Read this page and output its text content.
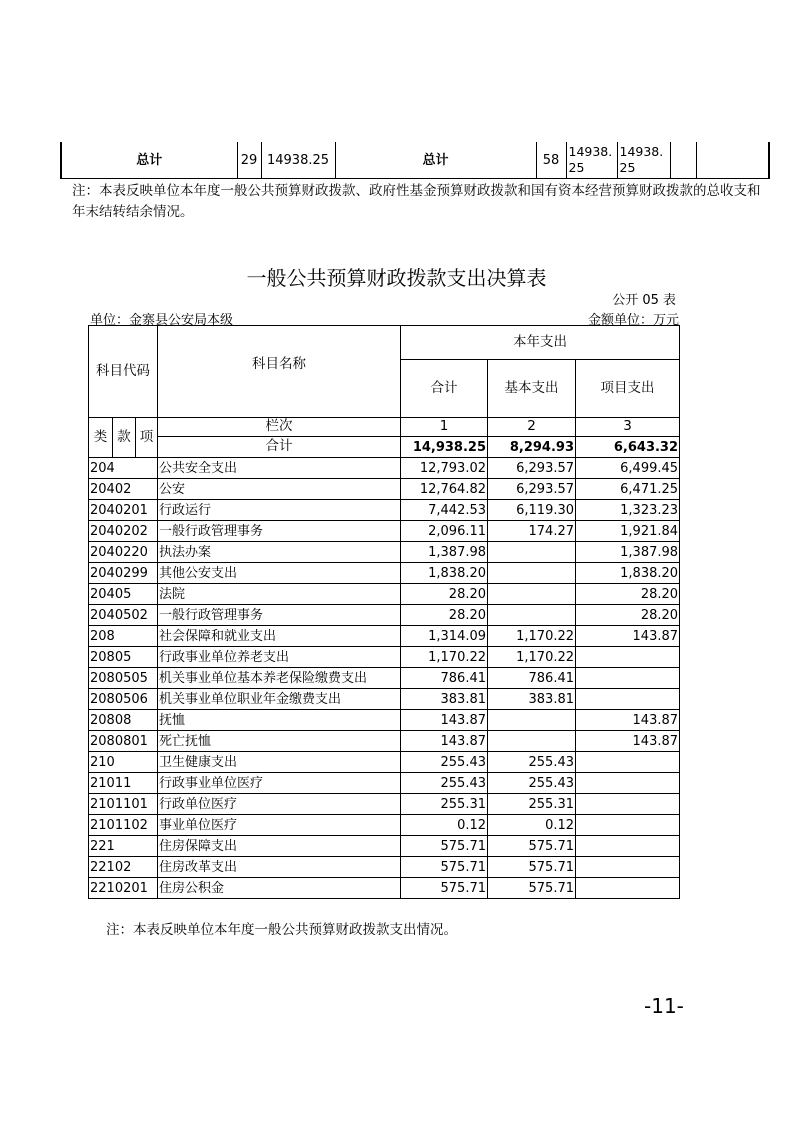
总计	29	14938.25	总计	58	14938.25	14938.25		
注：本表反映单位本年度一般公共预算财政拨款、政府性基金预算财政拨款和国有资本经营预算财政拨款的总收支和年末结转结余情况。
一般公共预算财政拨款支出决算表
公开 05 表
单位：金寨县公安局本级	金额单位：万元
科目代码			科目名称	本年支出		
				合计	基本支出	项目支出
类	款	项	栏次	1	2	3
			合计	14,938.25	8,294.93	6,643.32
204			公共安全支出	12,793.02	6,293.57	6,499.45
20402			公安	12,764.82	6,293.57	6,471.25
2040201			行政运行	7,442.53	6,119.30	1,323.23
2040202			一般行政管理事务	2,096.11	174.27	1,921.84
2040220			执法办案	1,387.98		1,387.98
2040299			其他公安支出	1,838.20		1,838.20
20405			法院	28.20		28.20
2040502			一般行政管理事务	28.20		28.20
208			社会保障和就业支出	1,314.09	1,170.22	143.87
20805			行政事业单位养老支出	1,170.22	1,170.22	
2080505			机关事业单位基本养老保险缴费支出	786.41	786.41	
2080506			机关事业单位职业年金缴费支出	383.81	383.81	
20808			抚恤	143.87		143.87
2080801			死亡抚恤	143.87		143.87
210			卫生健康支出	255.43	255.43	
21011			行政事业单位医疗	255.43	255.43	
2101101			行政单位医疗	255.31	255.31	
2101102			事业单位医疗	0.12	0.12	
221			住房保障支出	575.71	575.71	
22102			住房改革支出	575.71	575.71	
2210201			住房公积金	575.71	575.71	
注：本表反映单位本年度一般公共预算财政拨款支出情况。
-11-
